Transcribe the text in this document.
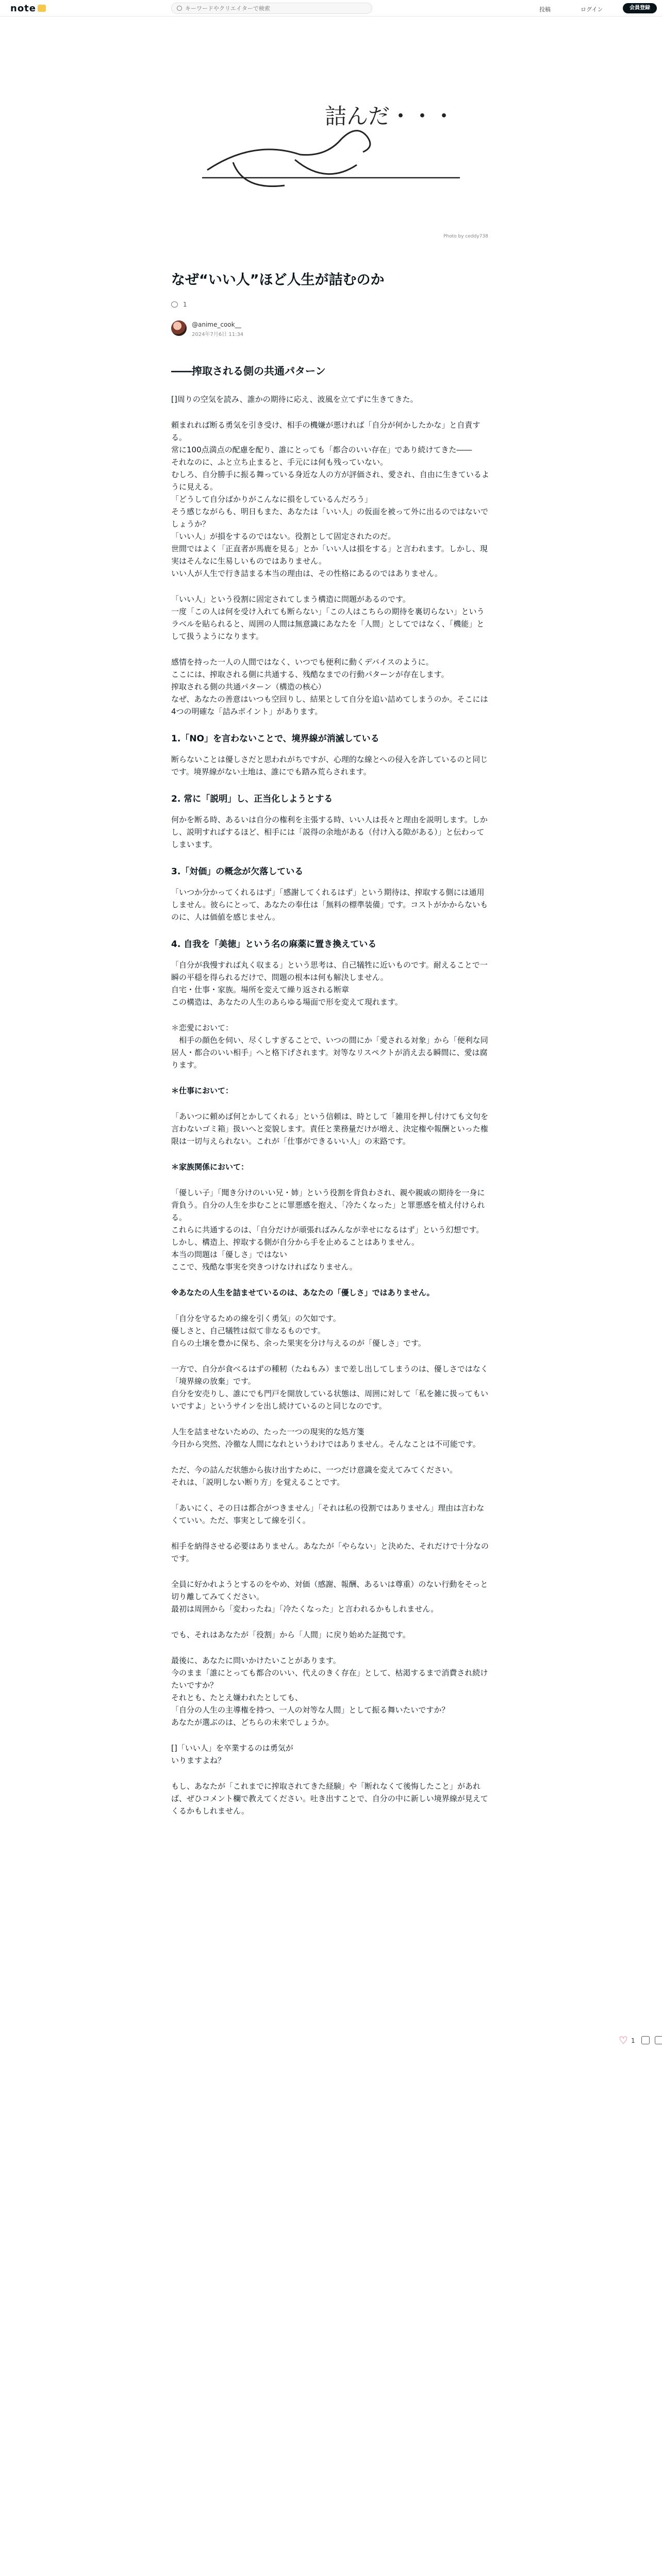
note
キーワードやクリエイターで検索	投稿	ログイン	会員登録
詰んだ・・・
Photo by ceddy738
なぜ“いい人”ほど人生が詰むのか
1
@anime_cook__
2024年7月6日 11:34
――搾取される側の共通パターン
[]周りの空気を読み、誰かの期待に応え、波風を立てずに生きてきた。
頼まれれば断る勇気を引き受け、相手の機嫌が悪ければ「自分が何かしたかな」と自責する。
常に100点満点の配慮を配り、誰にとっても「都合のいい存在」であり続けてきた――
それなのに、ふと立ち止まると、手元には何も残っていない。
むしろ、自分勝手に振る舞っている身近な人の方が評価され、愛され、自由に生きているように見える。
「どうして自分ばかりがこんなに損をしているんだろう」
そう感じながらも、明日もまた、あなたは「いい人」の仮面を被って外に出るのではないでしょうか？
「いい人」が損をするのではない。役割として固定されたのだ。
世間ではよく「正直者が馬鹿を見る」とか「いい人は損をする」と言われます。しかし、現実はそんなに生易しいものではありません。
いい人が人生で行き詰まる本当の理由は、その性格にあるのではありません。
「いい人」という役割に固定されてしまう構造に問題があるのです。
一度「この人は何を受け入れても断らない」「この人はこちらの期待を裏切らない」というラベルを貼られると、周囲の人間は無意識にあなたを「人間」としてではなく、「機能」として扱うようになります。
感情を持った一人の人間ではなく、いつでも便利に動くデバイスのように。
ここには、搾取される側に共通する、残酷なまでの行動パターンが存在します。
搾取される側の共通パターン（構造の核心）
なぜ、あなたの善意はいつも空回りし、結果として自分を追い詰めてしまうのか。そこには4つの明確な「詰みポイント」があります。
1.「NO」を言わないことで、境界線が消滅している
断らないことは優しさだと思われがちですが、心理的な線とへの侵入を許しているのと同じです。境界線がない土地は、誰にでも踏み荒らされます。
2. 常に「説明」し、正当化しようとする
何かを断る時、あるいは自分の権利を主張する時、いい人は長々と理由を説明します。しかし、説明すればするほど、相手には「説得の余地がある（付け入る隙がある）」と伝わってしまいます。
3.「対価」の概念が欠落している
「いつか分かってくれるはず」「感謝してくれるはず」という期待は、搾取する側には通用しません。彼らにとって、あなたの奉仕は「無料の標準装備」です。コストがかからないものに、人は価値を感じません。
4. 自我を「美徳」という名の麻薬に置き換えている
「自分が我慢すれば丸く収まる」という思考は、自己犠牲に近いものです。耐えることで一瞬の平穏を得られるだけで、問題の根本は何も解決しません。
自宅・仕事・家族。場所を変えて繰り返される断章
この構造は、あなたの人生のあらゆる場面で形を変えて現れます。
＊恋愛において：
　相手の顔色を伺い、尽くしすぎることで、いつの間にか「愛される対象」から「便利な同居人・都合のいい相手」へと格下げされます。対等なリスペクトが消え去る瞬間に、愛は腐ります。
＊仕事において：
「あいつに頼めば何とかしてくれる」という信頼は、時として「雑用を押し付けても文句を言わないゴミ箱」扱いへと変貌します。責任と業務量だけが増え、決定権や報酬といった権限は一切与えられない。これが「仕事ができるいい人」の末路です。
＊家族関係において：
「優しい子」「聞き分けのいい兄・姉」という役割を背負わされ、親や親戚の期待を一身に背負う。自分の人生を歩むことに罪悪感を抱え、「冷たくなった」と罪悪感を植え付けられる。
これらに共通するのは、「自分だけが頑張ればみんなが幸せになるはず」という幻想です。しかし、構造上、搾取する側が自分から手を止めることはありません。
本当の問題は「優しさ」ではない
ここで、残酷な事実を突きつけなければなりません。
※あなたの人生を詰ませているのは、あなたの「優しさ」ではありません。
「自分を守るための線を引く勇気」の欠如です。
優しさと、自己犠牲は似て非なるものです。
自らの土壌を豊かに保ち、余った果実を分け与えるのが「優しさ」です。
一方で、自分が食べるはずの種籾（たねもみ）まで差し出してしまうのは、優しさではなく「境界線の放棄」です。
自分を安売りし、誰にでも門戸を開放している状態は、周囲に対して「私を雑に扱ってもいいですよ」というサインを出し続けているのと同じなのです。
人生を詰ませないための、たった一つの現実的な処方箋
今日から突然、冷徹な人間になれというわけではありません。そんなことは不可能です。
ただ、今の詰んだ状態から抜け出すために、一つだけ意識を変えてみてください。
それは、「説明しない断り方」を覚えることです。
「あいにく、その日は都合がつきません」「それは私の役割ではありません」理由は言わなくていい。ただ、事実として線を引く。
相手を納得させる必要はありません。あなたが「やらない」と決めた、それだけで十分なのです。
全員に好かれようとするのをやめ、対価（感謝、報酬、あるいは尊重）のない行動をそっと切り離してみてください。
最初は周囲から「変わったね」「冷たくなった」と言われるかもしれません。
でも、それはあなたが「役割」から「人間」に戻り始めた証拠です。
最後に、あなたに問いかけたいことがあります。
今のまま「誰にとっても都合のいい、代えのきく存在」として、枯渇するまで消費され続けたいですか？
それとも、たとえ嫌われたとしても、
「自分の人生の主導権を持つ、一人の対等な人間」として振る舞いたいですか？
あなたが選ぶのは、どちらの未来でしょうか。
[]「いい人」を卒業するのは勇気が
いりますよね？
もし、あなたが「これまでに搾取されてきた経験」や「断れなくて後悔したこと」があれば、ぜひコメント欄で教えてください。吐き出すことで、自分の中に新しい境界線が見えてくるかもしれません。
♡ 1
